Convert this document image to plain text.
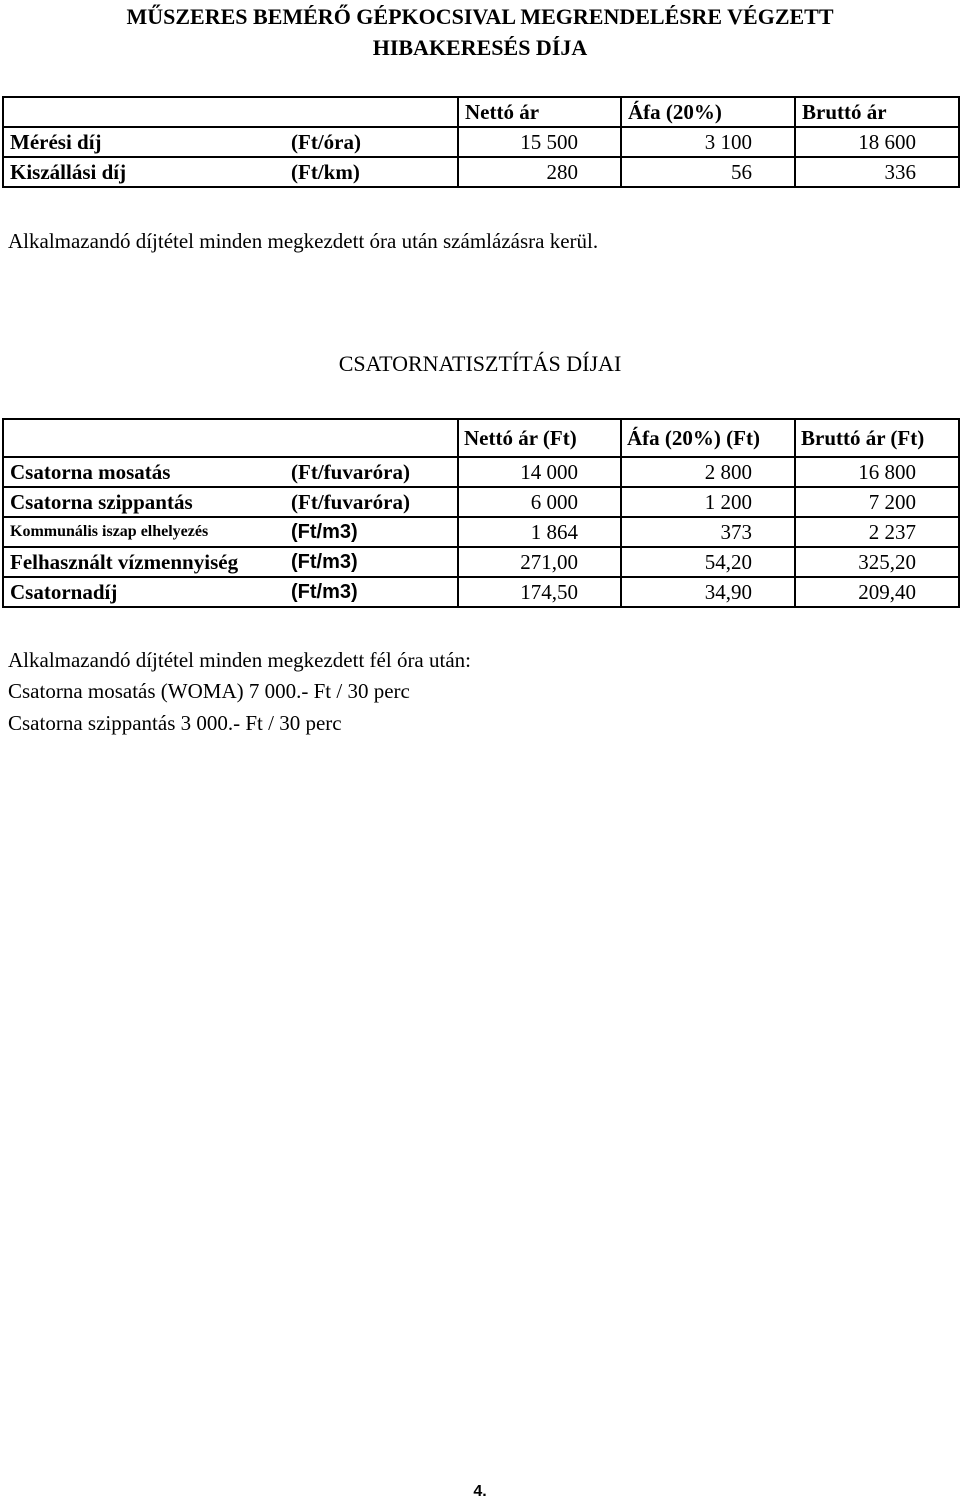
MŰSZERES BEMÉRŐ GÉPKOCSIVAL MEGRENDELÉSRE VÉGZETT
HIBAKERESÉS DÍJA
		Nettó ár	Áfa (20%)	Bruttó ár
Mérési díj	(Ft/óra)	15 500	3 100	18 600
Kiszállási díj	(Ft/km)	280	56	336
Alkalmazandó díjtétel minden megkezdett óra után számlázásra kerül.
CSATORNATISZTÍTÁS DÍJAI
		Nettó ár (Ft)	Áfa (20%) (Ft)	Bruttó ár (Ft)
Csatorna mosatás	(Ft/fuvaróra)	14 000	2 800	16 800
Csatorna szippantás	(Ft/fuvaróra)	6 000	1 200	7 200
Kommunális iszap elhelyezés	(Ft/m3)	1 864	373	2 237
Felhasznált vízmennyiség	(Ft/m3)	271,00	54,20	325,20
Csatornadíj	(Ft/m3)	174,50	34,90	209,40
Alkalmazandó díjtétel minden megkezdett fél óra után:
Csatorna mosatás (WOMA) 7 000.- Ft / 30 perc
Csatorna szippantás 3 000.- Ft / 30 perc
4.
